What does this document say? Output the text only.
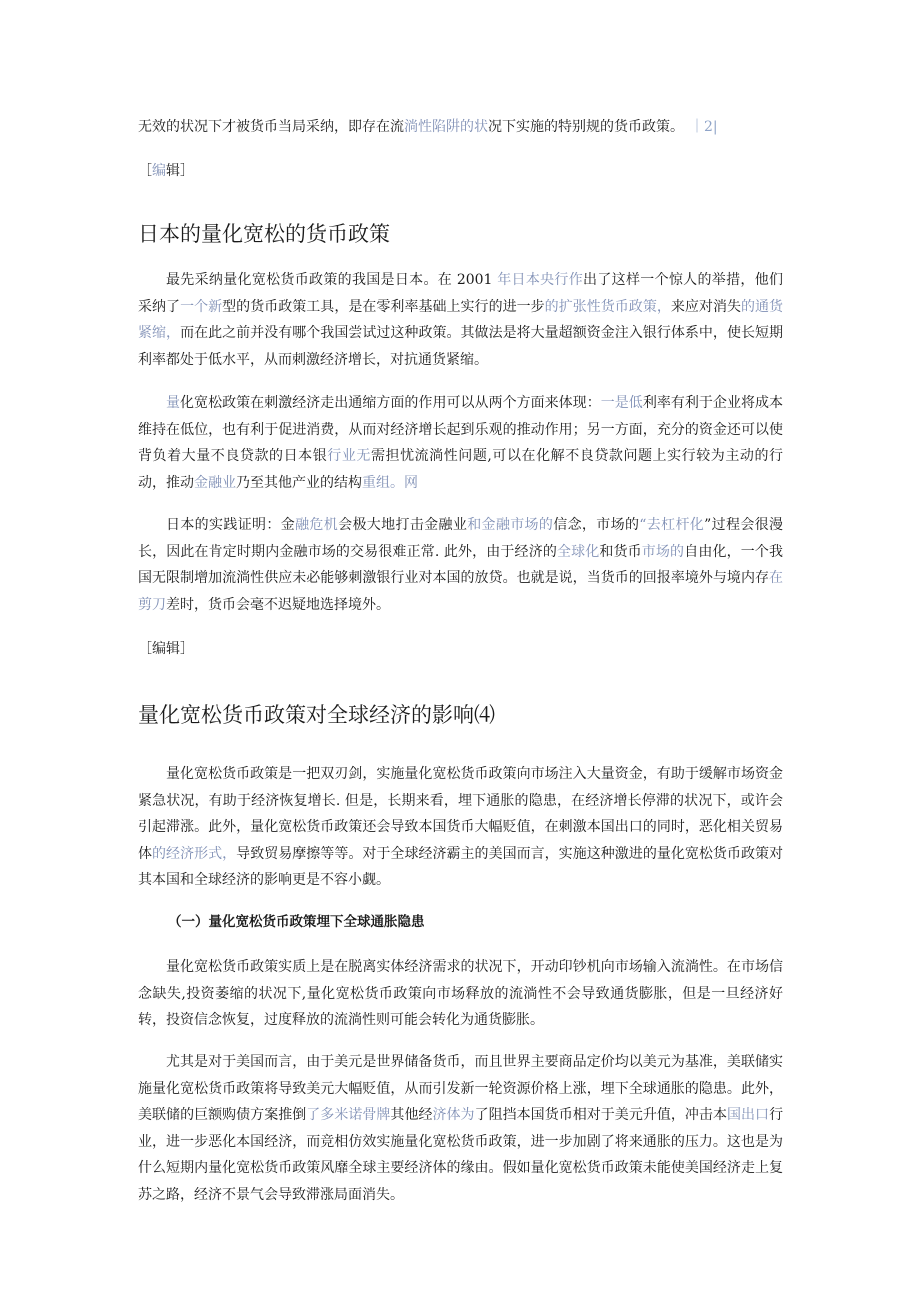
无效的状况下才被货币当局采纳，即存在流淌性陷阱的状况下实施的特别规的货币政策。 ｜2|
［编辑］
日本的量化宽松的货币政策

最先采纳量化宽松货币政策的我国是日本。在 2001 年日本央行作出了这样一个惊人的举措，他们采纳了一个新型的货币政策工具，是在零利率基础上实行的进一步的扩张性货币政策，来应对消失的通货紧缩，而在此之前并没有哪个我国尝试过这种政策。其做法是将大量超额资金注入银行体系中，使长短期利率都处于低水平，从而刺激经济增长，对抗通货紧缩。

量化宽松政策在刺激经济走出通缩方面的作用可以从两个方面来体现：一是低利率有利于企业将成本维持在低位，也有利于促进消费，从而对经济增长起到乐观的推动作用；另一方面，充分的资金还可以使背负着大量不良贷款的日本银行业无需担忧流淌性问题,可以在化解不良贷款问题上实行较为主动的行动，推动金融业乃至其他产业的结构重组。网

日本的实践证明：金融危机会极大地打击金融业和金融市场的信念，市场的“去杠杆化”过程会很漫长，因此在肯定时期内金融市场的交易很难正常. 此外，由于经济的全球化和货币市场的自由化，一个我国无限制增加流淌性供应未必能够刺激银行业对本国的放贷。也就是说，当货币的回报率境外与境内存在剪刀差时，货币会毫不迟疑地选择境外。

［编辑］
量化宽松货币政策对全球经济的影响⑷

量化宽松货币政策是一把双刃剑，实施量化宽松货币政策向市场注入大量资金，有助于缓解市场资金紧急状况，有助于经济恢复增长. 但是，长期来看，埋下通胀的隐患，在经济增长停滞的状况下，或许会引起滞涨。此外，量化宽松货币政策还会导致本国货币大幅贬值，在刺激本国出口的同时，恶化相关贸易体的经济形式，导致贸易摩擦等等。对于全球经济霸主的美国而言，实施这种激进的量化宽松货币政策对其本国和全球经济的影响更是不容小觑。

（一）量化宽松货币政策埋下全球通胀隐患

量化宽松货币政策实质上是在脱离实体经济需求的状况下，开动印钞机向市场输入流淌性。在市场信念缺失,投资萎缩的状况下,量化宽松货币政策向市场释放的流淌性不会导致通货膨胀，但是一旦经济好转，投资信念恢复，过度释放的流淌性则可能会转化为通货膨胀。

尤其是对于美国而言，由于美元是世界储备货币，而且世界主要商品定价均以美元为基准，美联储实施量化宽松货币政策将导致美元大幅贬值，从而引发新一轮资源价格上涨，埋下全球通胀的隐患。此外，美联储的巨额购债方案推倒了多米诺骨牌其他经济体为了阻挡本国货币相对于美元升值，冲击本国出口行业，进一步恶化本国经济，而竞相仿效实施量化宽松货币政策，进一步加剧了将来通胀的压力。这也是为什么短期内量化宽松货币政策风靡全球主要经济体的缘由。假如量化宽松货币政策未能使美国经济走上复苏之路，经济不景气会导致滞涨局面消失。
